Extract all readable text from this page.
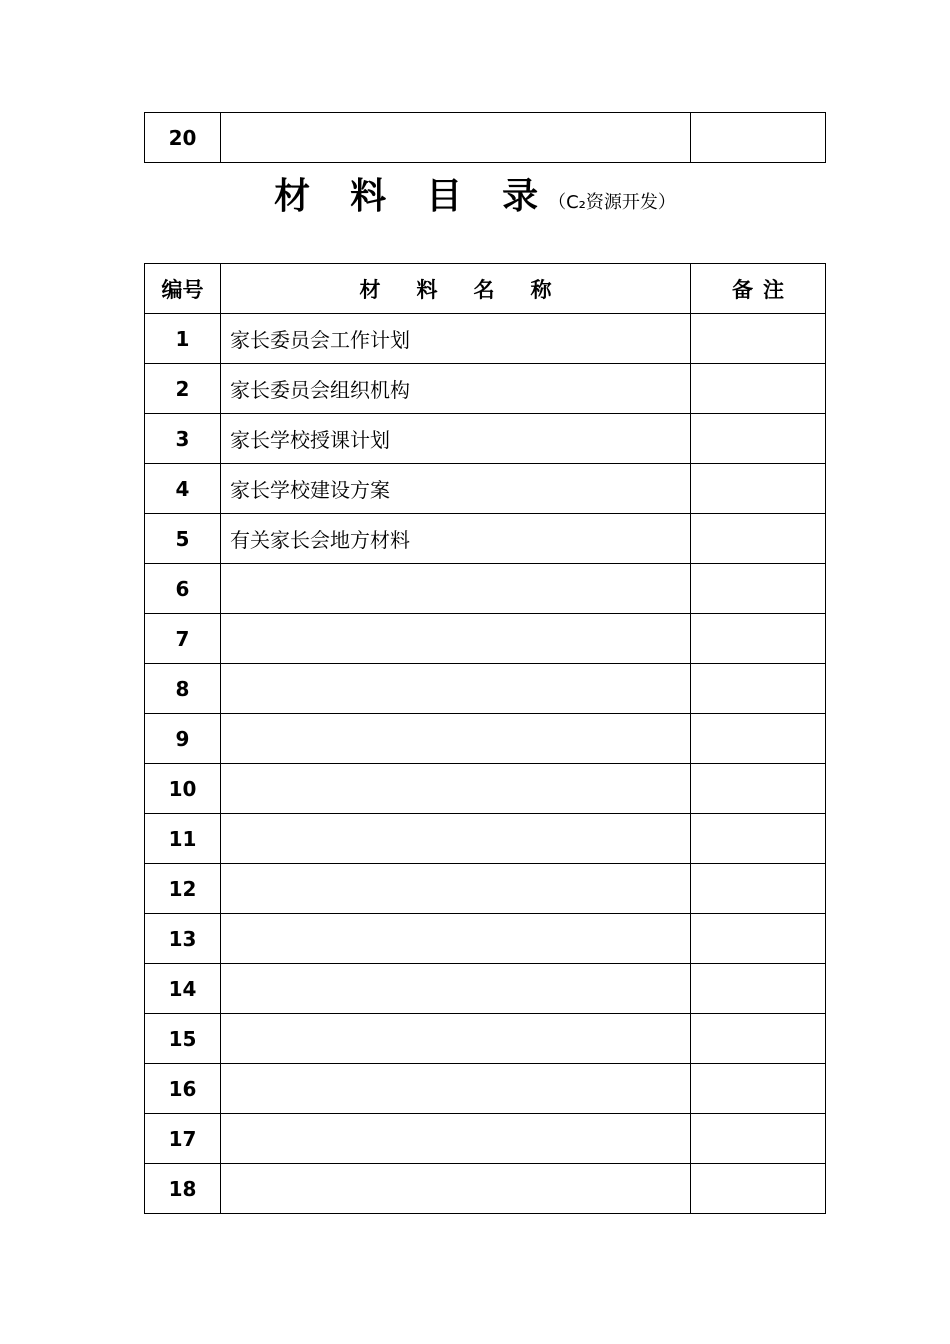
20		
材料目录（C₂资源开发）
编号	材料名称	备注
1	家长委员会工作计划	
2	家长委员会组织机构	
3	家长学校授课计划	
4	家长学校建设方案	
5	有关家长会地方材料	
6		
7		
8		
9		
10		
11		
12		
13		
14		
15		
16		
17		
18		
